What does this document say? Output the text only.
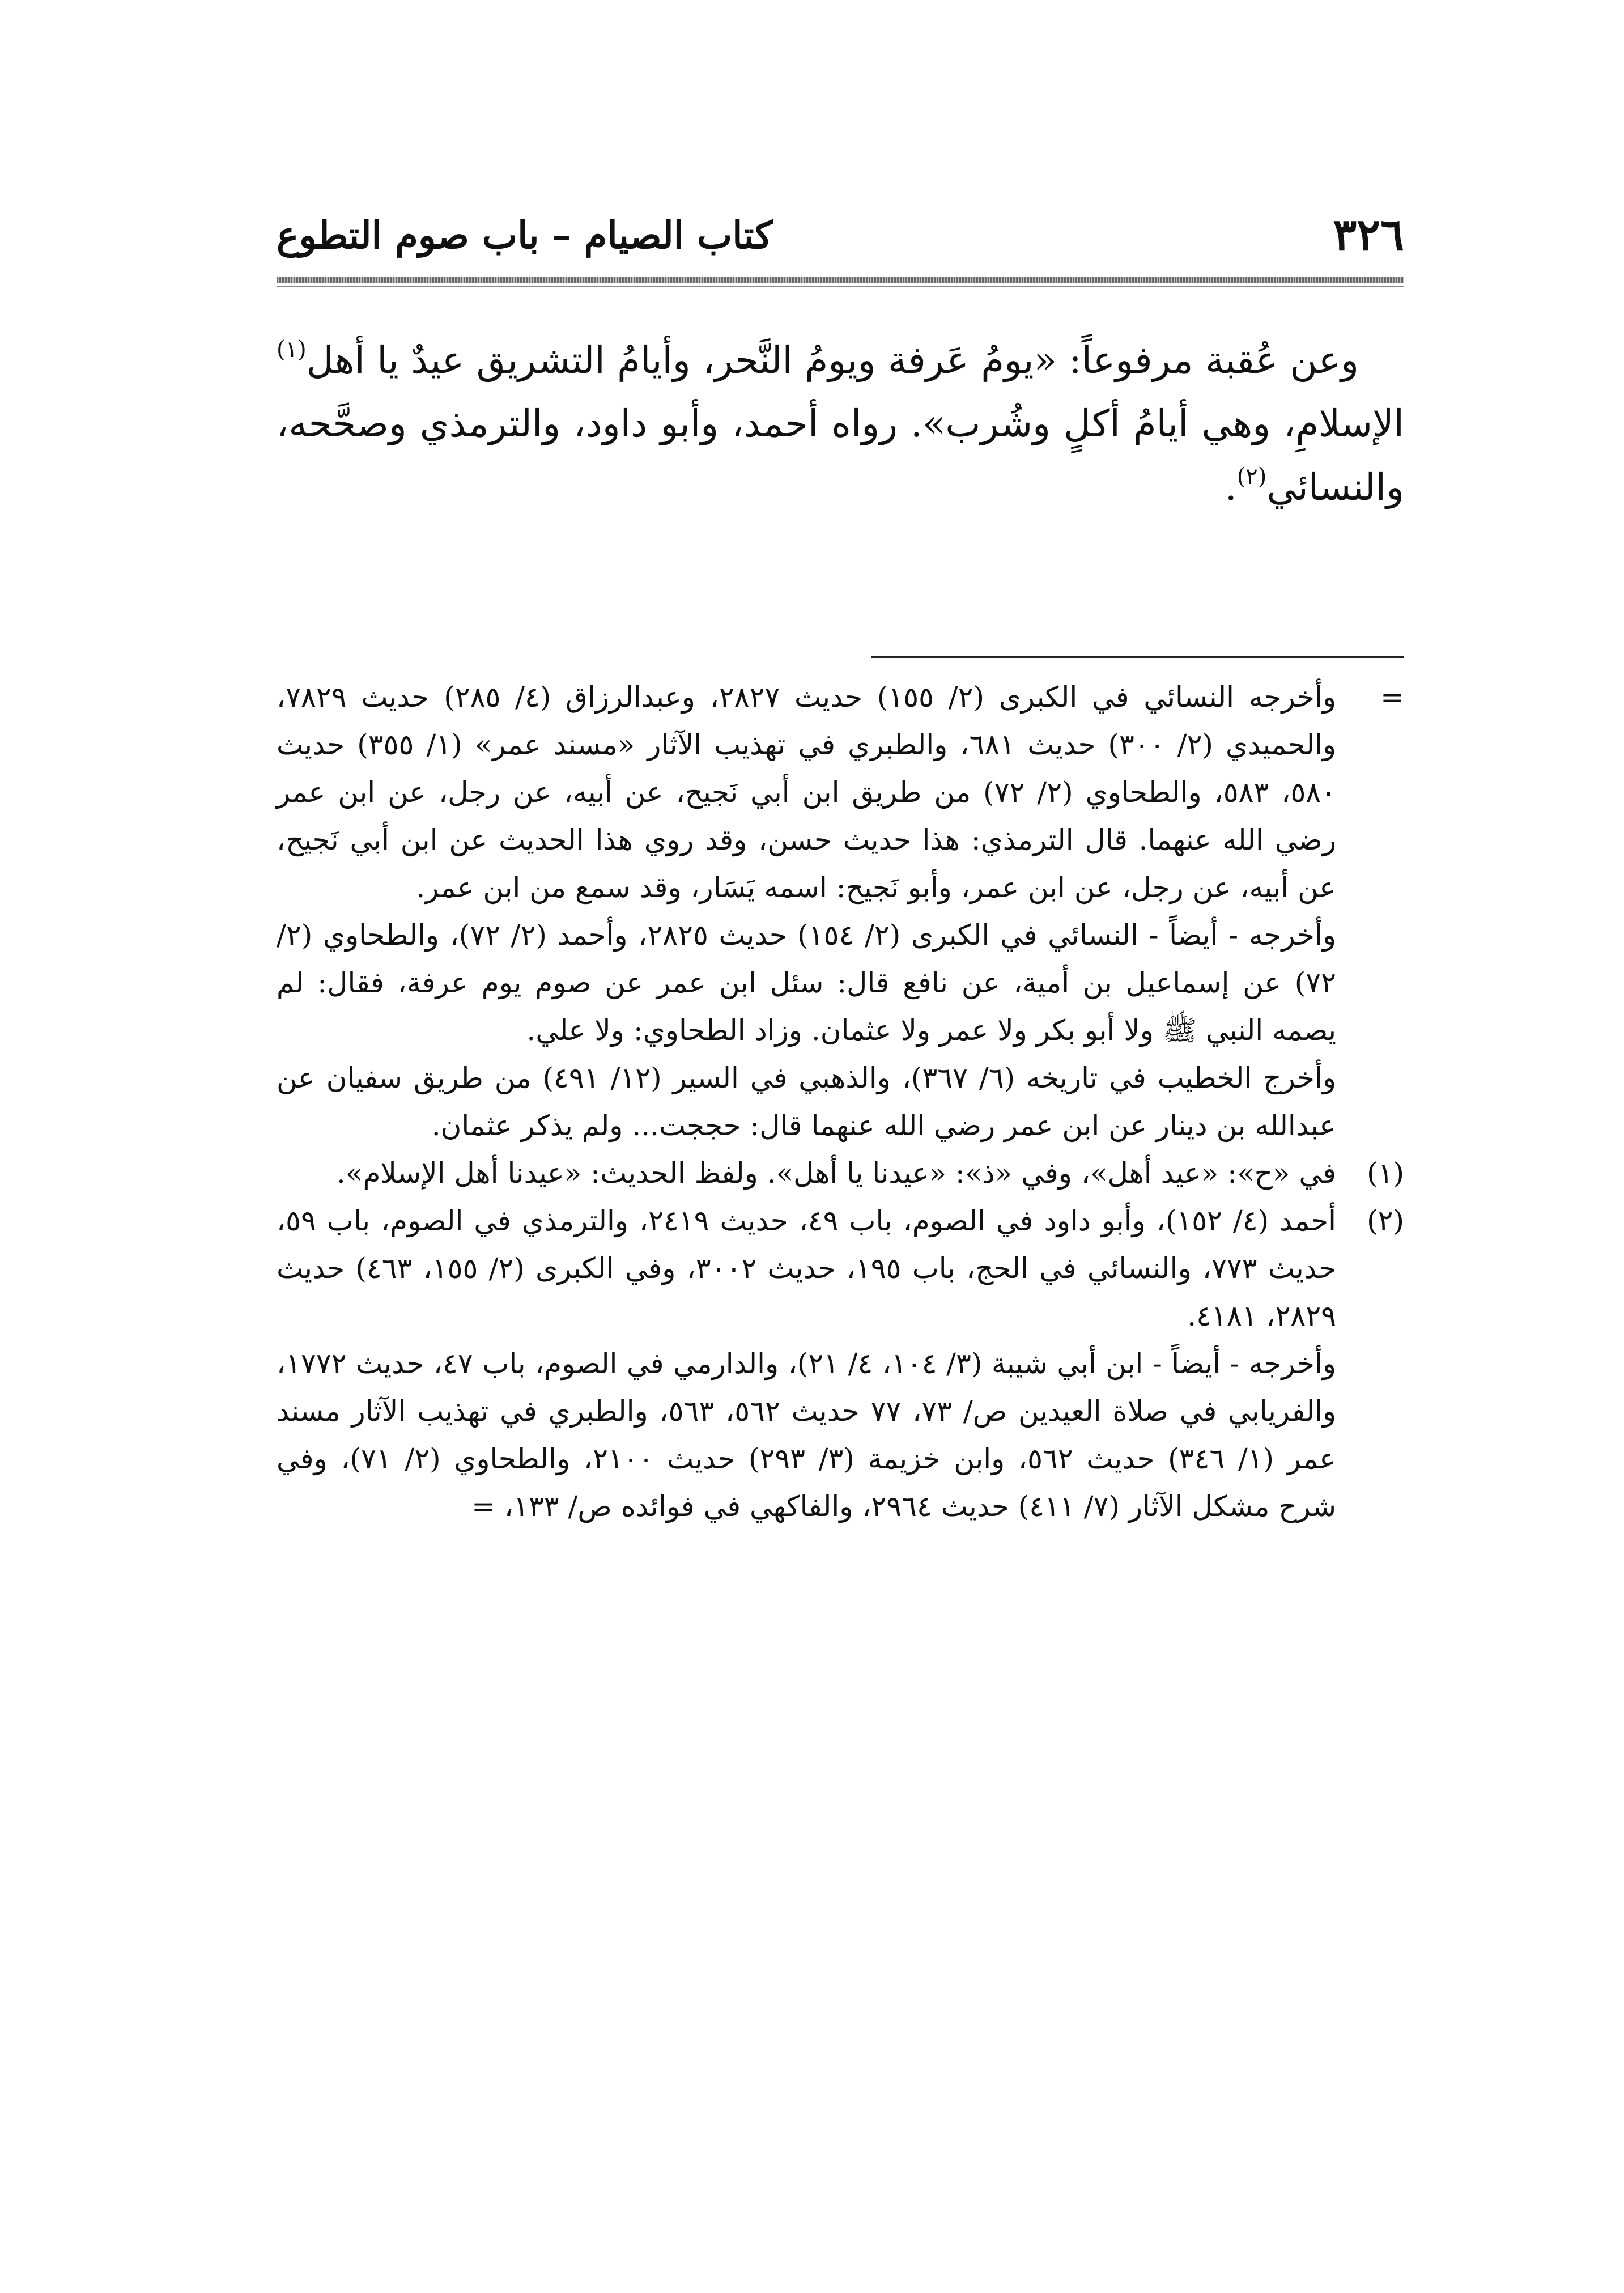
٣٢٦
كتاب الصيام – باب صوم التطوع

وعن عُقبة مرفوعاً: «يومُ عَرفة ويومُ النَّحر، وأيامُ التشريق عيدٌ يا أهل$^{(١)}$ الإسلامِ، وهي أيامُ أكلٍ وشُرب». رواه أحمد، وأبو داود، والترمذي وصحَّحه، والنسائي$^{(٢)}$.

=

وأخرجه النسائي في الكبرى (٢/ ١٥٥) حديث ٢٨٢٧، وعبدالرزاق (٤/ ٢٨٥) حديث ٧٨٢٩، والحميدي (٢/ ٣٠٠) حديث ٦٨١، والطبري في تهذيب الآثار «مسند عمر» (١/ ٣٥٥) حديث ٥٨٠، ٥٨٣، والطحاوي (٢/ ٧٢) من طريق ابن أبي نَجيح، عن أبيه، عن رجل، عن ابن عمر رضي الله عنهما. قال الترمذي: هذا حديث حسن، وقد روي هذا الحديث عن ابن أبي نَجيح، عن أبيه، عن رجل، عن ابن عمر، وأبو نَجيح: اسمه يَسَار، وقد سمع من ابن عمر.

وأخرجه - أيضاً - النسائي في الكبرى (٢/ ١٥٤) حديث ٢٨٢٥، وأحمد (٢/ ٧٢)، والطحاوي (٢/ ٧٢) عن إسماعيل بن أمية، عن نافع قال: سئل ابن عمر عن صوم يوم عرفة، فقال: لم يصمه النبي ﷺ ولا أبو بكر ولا عمر ولا عثمان. وزاد الطحاوي: ولا علي.

وأخرج الخطيب في تاريخه (٦/ ٣٦٧)، والذهبي في السير (١٢/ ٤٩١) من طريق سفيان عن عبدالله بن دينار عن ابن عمر رضي الله عنهما قال: حججت... ولم يذكر عثمان.

(١)

في «ح»: «عيد أهل»، وفي «ذ»: «عيدنا يا أهل». ولفظ الحديث: «عيدنا أهل الإسلام».

(٢)

أحمد (٤/ ١٥٢)، وأبو داود في الصوم، باب ٤٩، حديث ٢٤١٩، والترمذي في الصوم، باب ٥٩، حديث ٧٧٣، والنسائي في الحج، باب ١٩٥، حديث ٣٠٠٢، وفي الكبرى (٢/ ١٥٥، ٤٦٣) حديث ٢٨٢٩، ٤١٨١.

وأخرجه - أيضاً - ابن أبي شيبة (٣/ ١٠٤، ٤/ ٢١)، والدارمي في الصوم، باب ٤٧، حديث ١٧٧٢، والفريابي في صلاة العيدين ص/ ٧٣، ٧٧ حديث ٥٦٢، ٥٦٣، والطبري في تهذيب الآثار مسند عمر (١/ ٣٤٦) حديث ٥٦٢، وابن خزيمة (٣/ ٢٩٣) حديث ٢١٠٠، والطحاوي (٢/ ٧١)، وفي شرح مشكل الآثار (٧/ ٤١١) حديث ٢٩٦٤، والفاكهي في فوائده ص/ ١٣٣، =
